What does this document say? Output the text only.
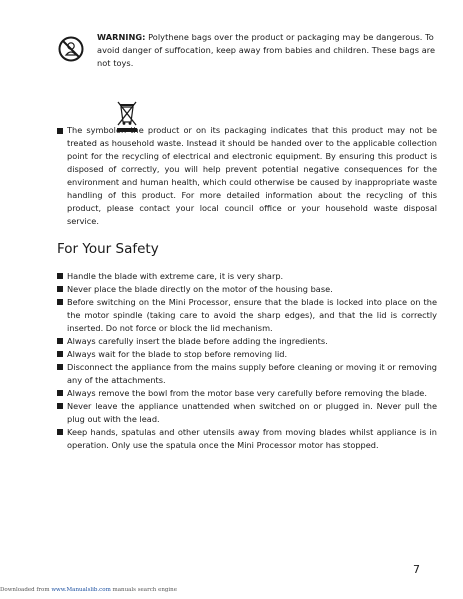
WARNING: Polythene bags over the product or packaging may be dangerous. To avoid danger of suffocation, keep away from babies and children. These bags are not toys.
The symbolon the product or on its packaging indicates that this product may not be treated as household waste. Instead it should be handed over to the applicable collection point for the recycling of electrical and electronic equipment. By ensuring this product is disposed of correctly, you will help prevent potential negative consequences for the environment and human health, which could otherwise be caused by inappropriate waste handling of this product. For more detailed information about the recycling of this product, please contact your local council office or your household waste disposal service.
For Your Safety
Handle the blade with extreme care, it is very sharp.
Never place the blade directly on the motor of the housing base.
Before switching on the Mini Processor, ensure that the blade is locked into place on the the motor spindle (taking care to avoid the sharp edges), and that the lid is correctly inserted. Do not force or block the lid mechanism.
Always carefully insert the blade before adding the ingredients.
Always wait for the blade to stop before removing lid.
Disconnect the appliance from the mains supply before cleaning or moving it or removing any of the attachments.
Always remove the bowl from the motor base very carefully before removing the blade.
Never leave the appliance unattended when switched on or plugged in. Never pull the plug out with the lead.
Keep hands, spatulas and other utensils away from moving blades whilst appliance is in operation. Only use the spatula once the Mini Processor motor has stopped.
7
Downloaded from www.Manualslib.com manuals search engine
